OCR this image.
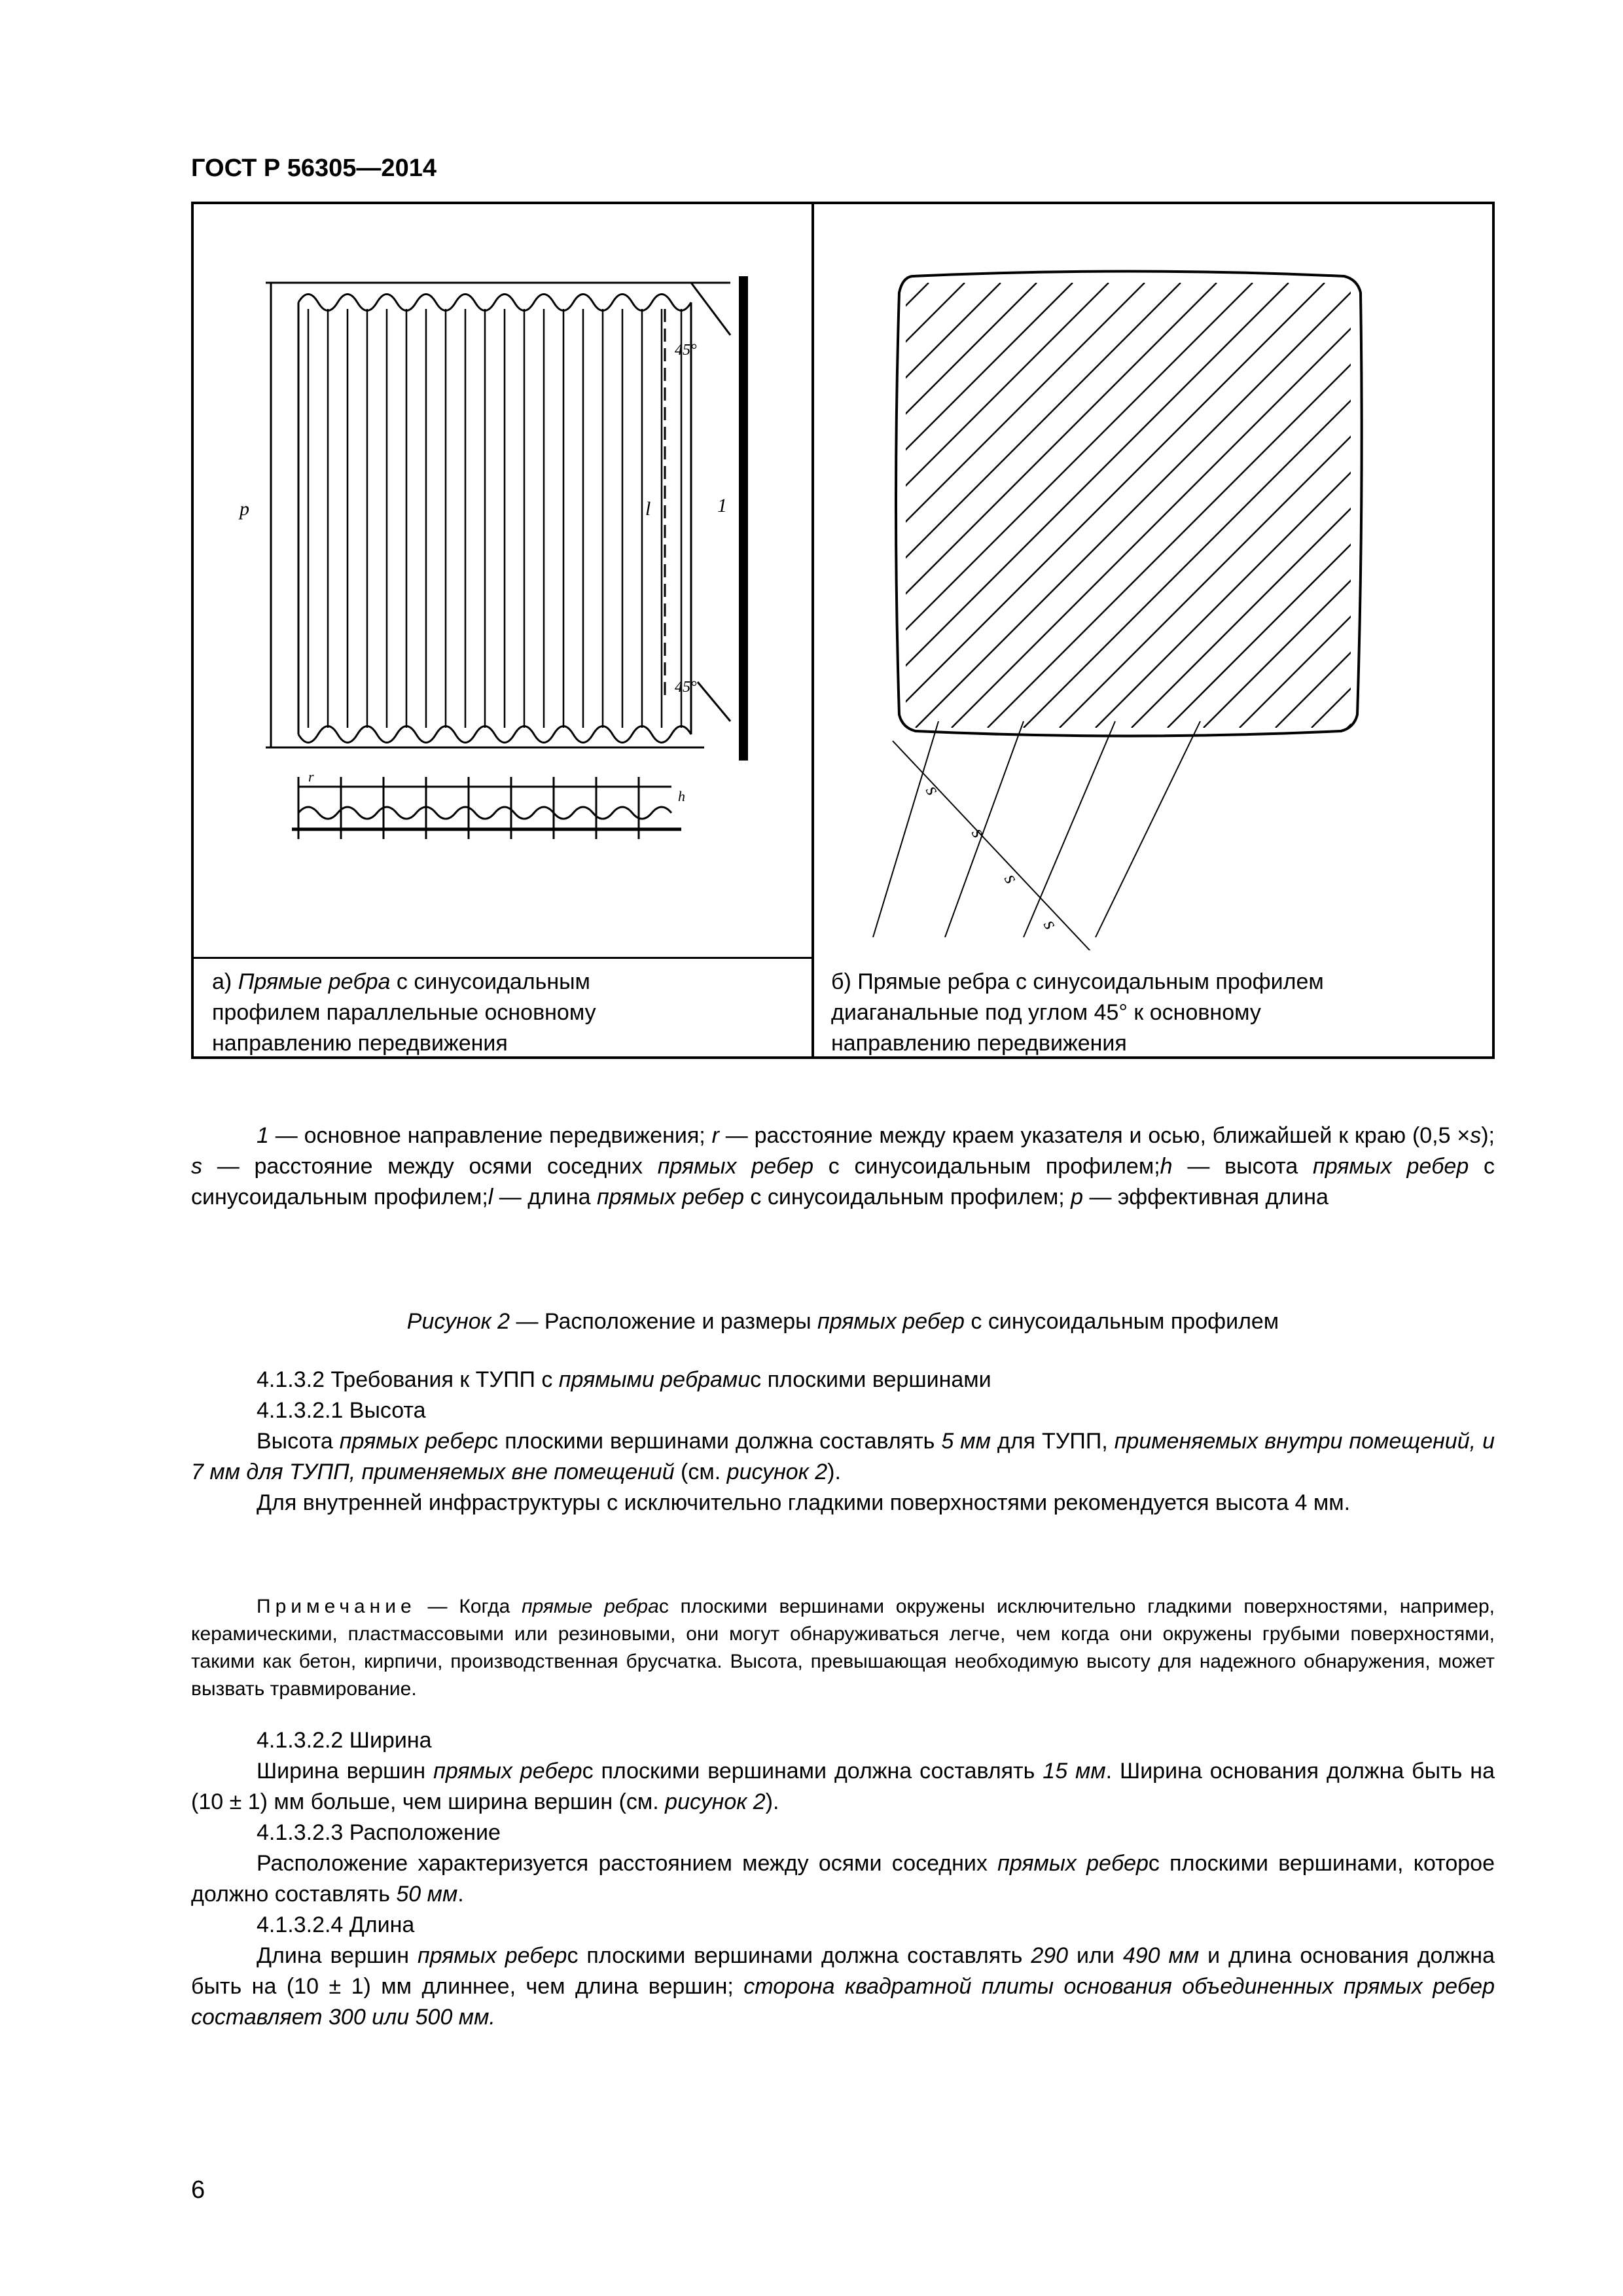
ГОСТ Р 56305—2014
p	l	1
45°
45°
r
h
а) Прямые ребра с синусоидальным
профилем параллельные основному
направлению передвижения
s
s
s
s
б) Прямые ребра с синусоидальным профилем
диаганальные под углом 45° к основному
направлению передвижения
1 — основное направление передвижения; r — расстояние между краем указателя и осью, ближайшей к краю (0,5 ×s); s — расстояние между осями соседних прямых ребер с синусоидальным профилем;h — высота прямых ребер с синусоидальным профилем;l — длина прямых ребер с синусоидальным профилем; p — эффективная длина
Рисунок 2 — Расположение и размеры прямых ребер с синусоидальным профилем

4.1.3.2 Требования к ТУПП с прямыми ребрамис плоскими вершинами

4.1.3.2.1 Высота

Высота прямых реберс плоскими вершинами должна составлять 5 мм для ТУПП, применяемых внутри помещений, и 7 мм для ТУПП, применяемых вне помещений (см. рисунок 2).

Для внутренней инфраструктуры с исключительно гладкими поверхностями рекомендуется высота 4 мм.

Примечание — Когда прямые ребрас плоскими вершинами окружены исключительно гладкими поверхностями, например, керамическими, пластмассовыми или резиновыми, они могут обнаруживаться легче, чем когда они окружены грубыми поверхностями, такими как бетон, кирпичи, производственная брусчатка. Высота, превышающая необходимую высоту для надежного обнаружения, может вызвать травмирование.

4.1.3.2.2 Ширина

Ширина вершин прямых реберс плоскими вершинами должна составлять 15 мм. Ширина основания должна быть на (10 ± 1) мм больше, чем ширина вершин (см. рисунок 2).

4.1.3.2.3 Расположение

Расположение характеризуется расстоянием между осями соседних прямых реберс плоскими вершинами, которое должно составлять 50 мм.

4.1.3.2.4 Длина

Длина вершин прямых реберс плоскими вершинами должна составлять 290 или 490 мм и длина основания должна быть на (10 ± 1) мм длиннее, чем длина вершин; сторона квадратной плиты основания объединенных прямых ребер составляет 300 или 500 мм.

6
